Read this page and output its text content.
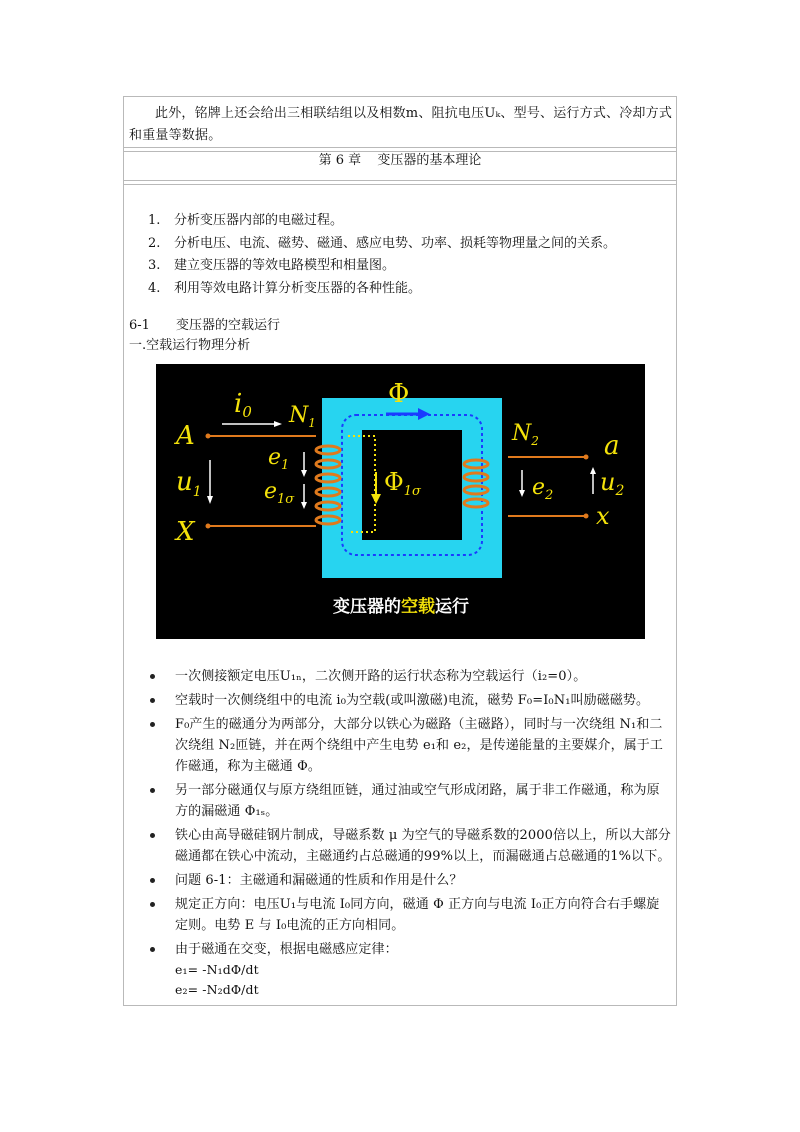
此外，铭牌上还会给出三相联结组以及相数m、阻抗电压Uₖ、型号、运行方式、冷却方式和重量等数据。

第 6 章 变压器的基本理论
1. 分析变压器内部的电磁过程。
2. 分析电压、电流、磁势、磁通、感应电势、功率、损耗等物理量之间的关系。
3. 建立变压器的等效电路模型和相量图。
4. 利用等效电路计算分析变压器的各种性能。
6-1 变压器的空载运行
一.空载运行物理分析
Φ
i0 $N_1$
A
$u_1$
X
$e_1$
$e_{1\sigma}$
$\Phi_{1\sigma}$
$N_2$	a
$e_2$ $u_2$
x
变压器的空载运行
一次侧接额定电压U₁ₙ，二次侧开路的运行状态称为空载运行（i₂=0）。
空载时一次侧绕组中的电流 i₀为空载(或叫激磁)电流，磁势 F₀=I₀N₁叫励磁磁势。
F₀产生的磁通分为两部分，大部分以铁心为磁路（主磁路），同时与一次绕组 N₁和二次绕组 N₂匝链，并在两个绕组中产生电势 e₁和 e₂，是传递能量的主要媒介，属于工作磁通，称为主磁通 Φ。
另一部分磁通仅与原方绕组匝链，通过油或空气形成闭路，属于非工作磁通，称为原方的漏磁通 Φ₁ₛ。
铁心由高导磁硅钢片制成，导磁系数 μ 为空气的导磁系数的2000倍以上，所以大部分磁通都在铁心中流动，主磁通约占总磁通的99%以上，而漏磁通占总磁通的1%以下。
问题 6-1：主磁通和漏磁通的性质和作用是什么？
规定正方向：电压U₁与电流 I₀同方向，磁通 Φ 正方向与电流 I₀正方向符合右手螺旋定则。电势 E 与 I₀电流的正方向相同。
由于磁通在交变，根据电磁感应定律：
e₁= -N₁dΦ/dt
e₂= -N₂dΦ/dt
